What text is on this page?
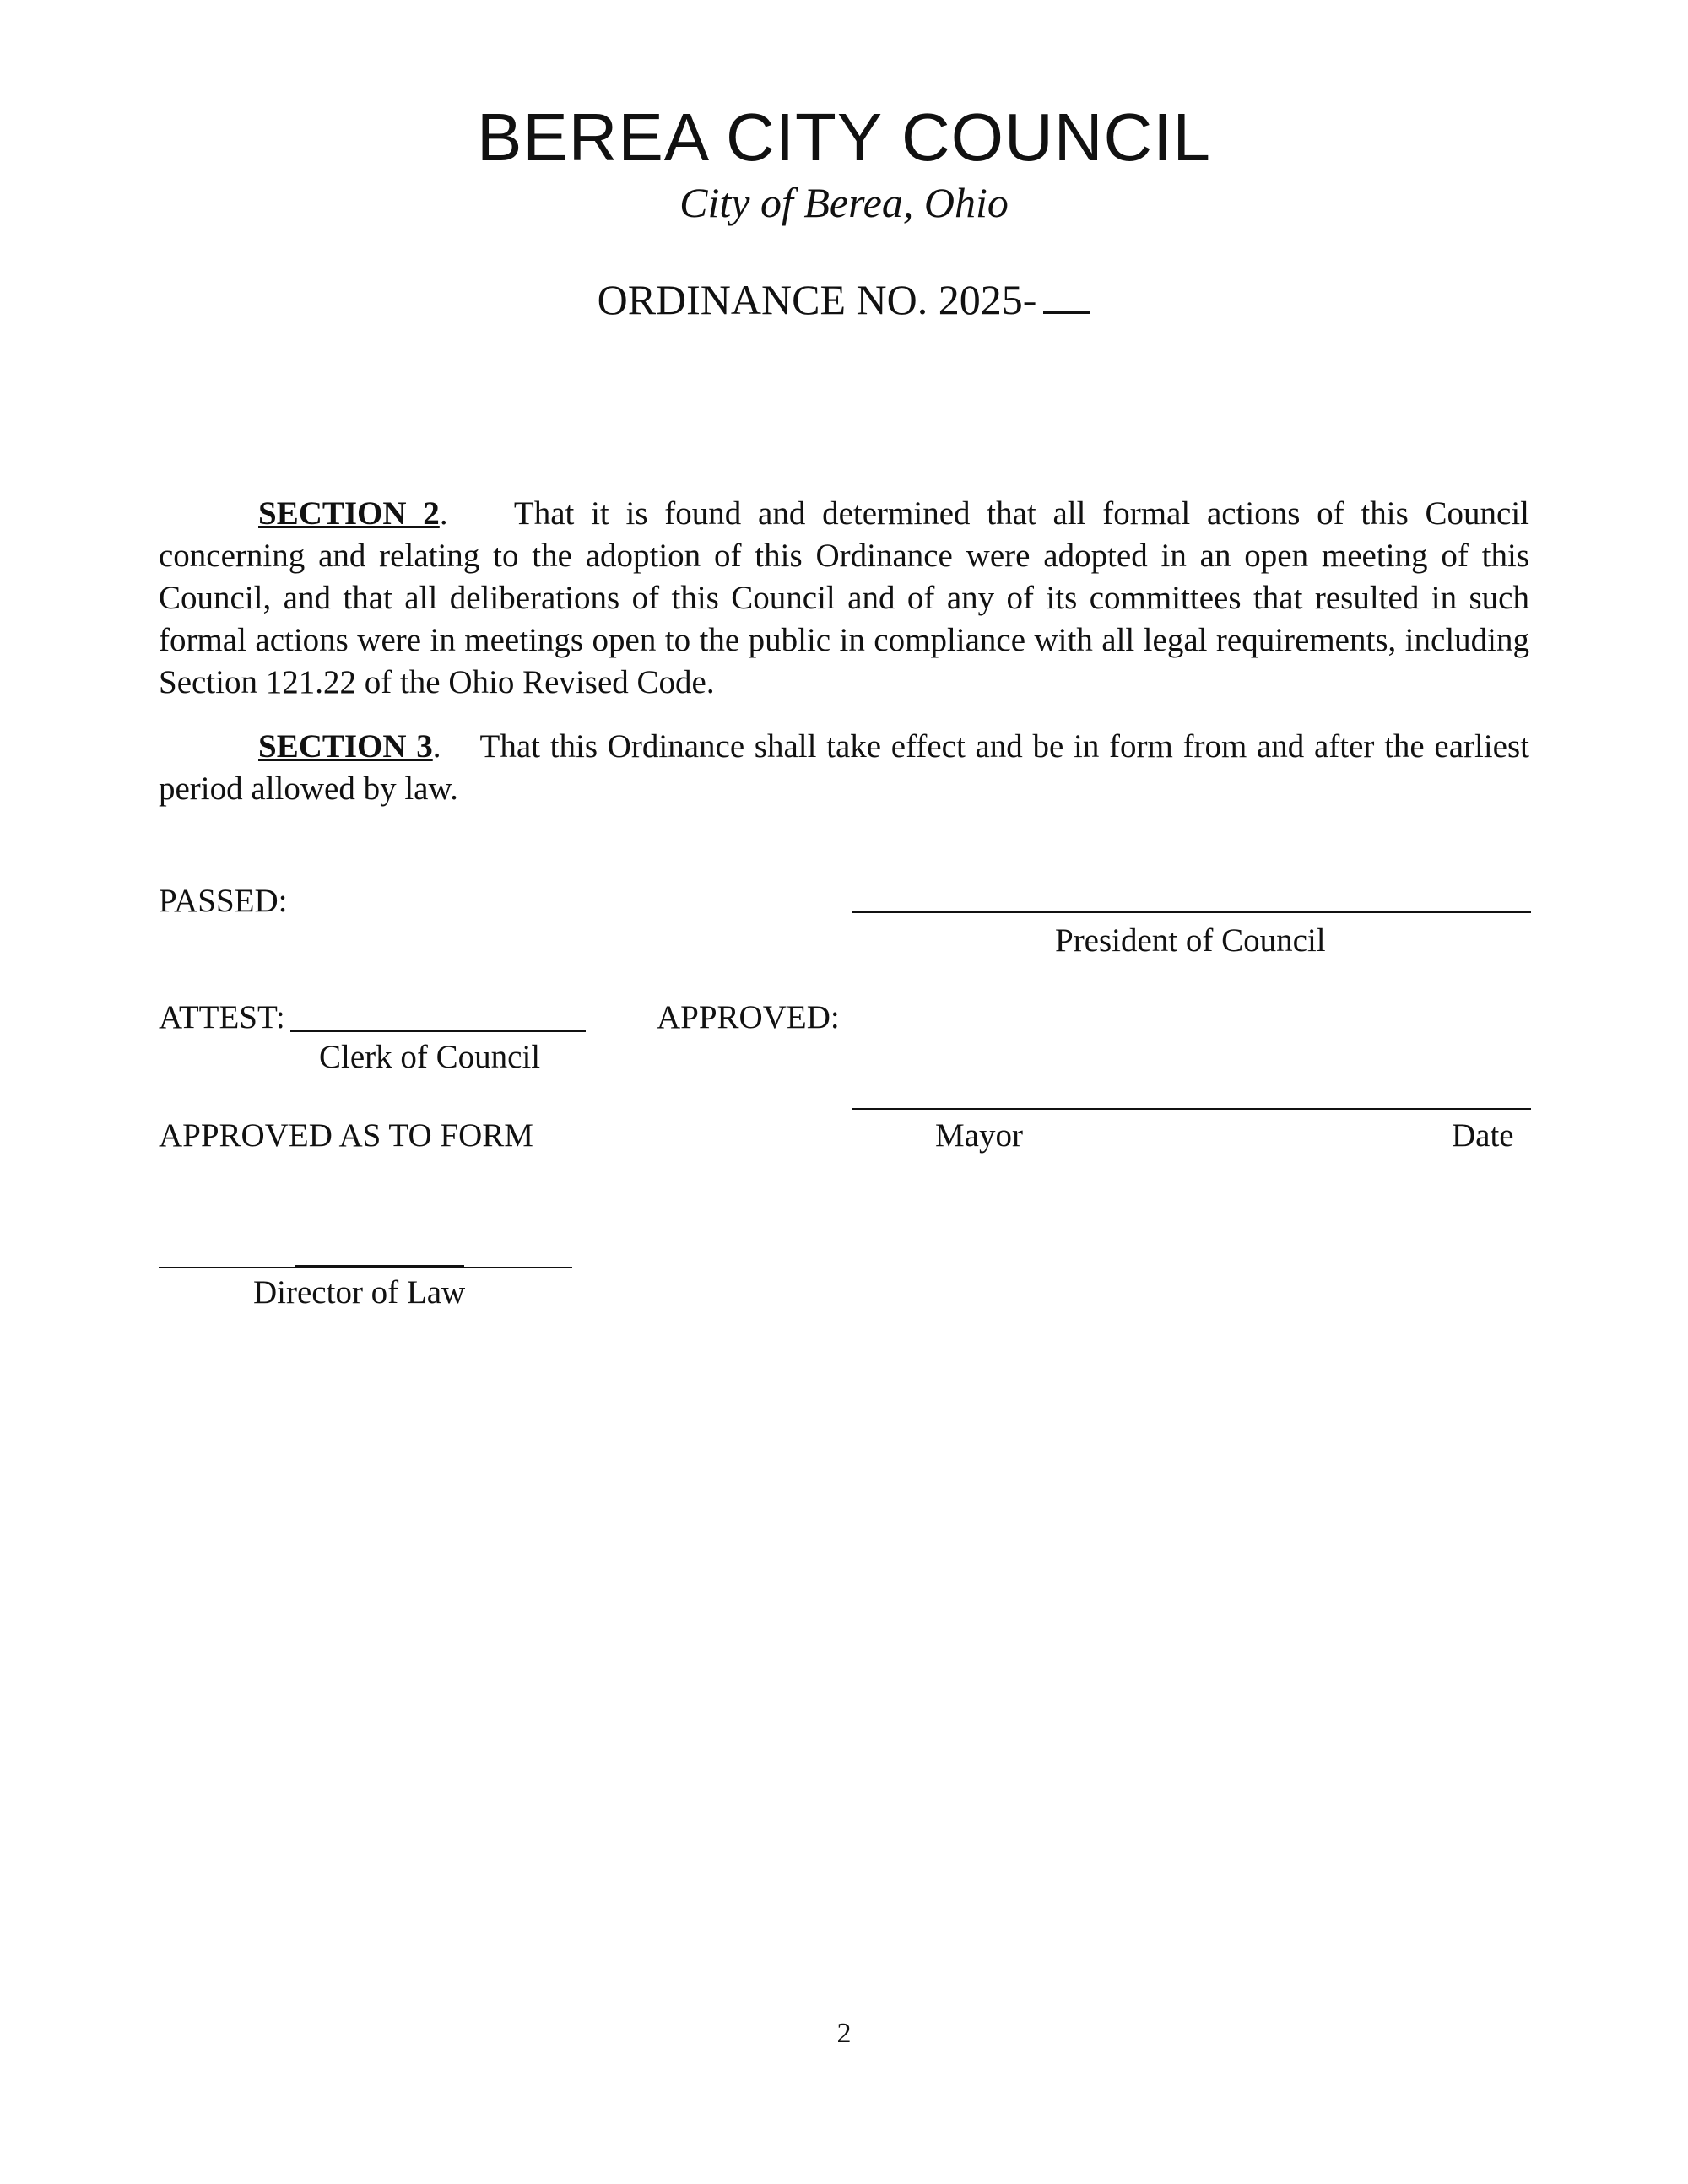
BEREA CITY COUNCIL
City of Berea, Ohio
ORDINANCE NO. 2025-

SECTION 2. That it is found and determined that all formal actions of this Council concerning and relating to the adoption of this Ordinance were adopted in an open meeting of this Council, and that all deliberations of this Council and of any of its committees that resulted in such formal actions were in meetings open to the public in compliance with all legal requirements, including Section 121.22 of the Ohio Revised Code.

SECTION 3. That this Ordinance shall take effect and be in form from and after the earliest period allowed by law.

PASSED:
President of Council
ATTEST:
Clerk of Council
APPROVED:
APPROVED AS TO FORM	Mayor	Date
Director of Law
2
